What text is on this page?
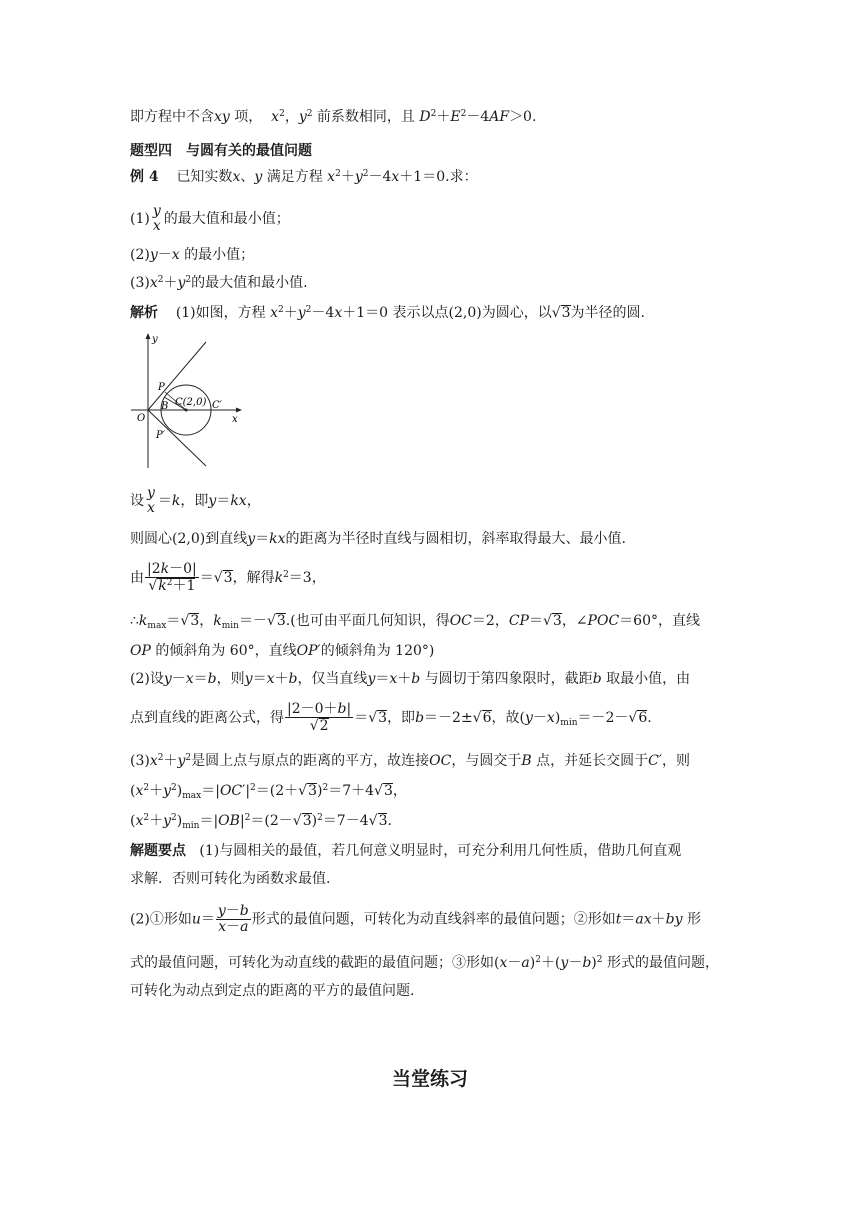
即方程中不含xy 项， $x^2$，$y^2$ 前系数相同，且 $D^2+E^2-4AF>0$.
题型四　与圆有关的最值问题
例 4 已知实数x、y 满足方程 $x^2+y^2-4x+1=0$.求：
(1) y
x 的最大值和最小值；
(2)y－x 的最小值；
$(3)x^2+y^2$的最大值和最小值.
解析 (1)如图，方程 $x^2+y^2-4x+1=0$ 表示以点(2,0)为圆心，以√3为半径的圆.
y
x
O
P
B C(2,0) C′
P′
设 y
x ＝k，即y＝kx，
则圆心(2,0)到直线y＝kx的距离为半径时直线与圆相切，斜率取得最大、最小值.
由 $\frac{|2k-0|}{√k^2+1} =√3$，解得$k^2=3$，
$\therefore k_{max}=√3$，$k_{min}=-√3$.(也可由平面几何知识，得OC＝2，CP＝√3，∠POC＝60°，直线
OP 的倾斜角为 60°，直线OP′的倾斜角为 120°)
(2)设y－x＝b，则y＝x＋b，仅当直线y＝x＋b 与圆切于第四象限时，截距b 取最小值，由
点到直线的距离公式，得 $\frac{|2-0+b|}{√2} =√3$，即b＝－2±√6，故$(y-x)_{min}=-2-√6$.
$(3)x^2+y^2$是圆上点与原点的距离的平方，故连接OC，与圆交于B 点，并延长交圆于C′，则
$(x^2+y^2)_{max}=|OC'|^2=(2+√3)^2=7+4√3$，
$(x^2+y^2)_{min}=|OB|^2=(2-√3)^2=7-4√3$.
解题要点 (1)与圆相关的最值，若几何意义明显时，可充分利用几何性质，借助几何直观
求解．否则可转化为函数求最值.
(2)①形如$u= \frac{y-b}{x-a}$ 形式的最值问题，可转化为动直线斜率的最值问题；②形如t＝ax＋by 形
式的最值问题，可转化为动直线的截距的最值问题；③形如$(x-a)^2+(y-b)^2$ 形式的最值问题，
可转化为动点到定点的距离的平方的最值问题.
当堂练习
